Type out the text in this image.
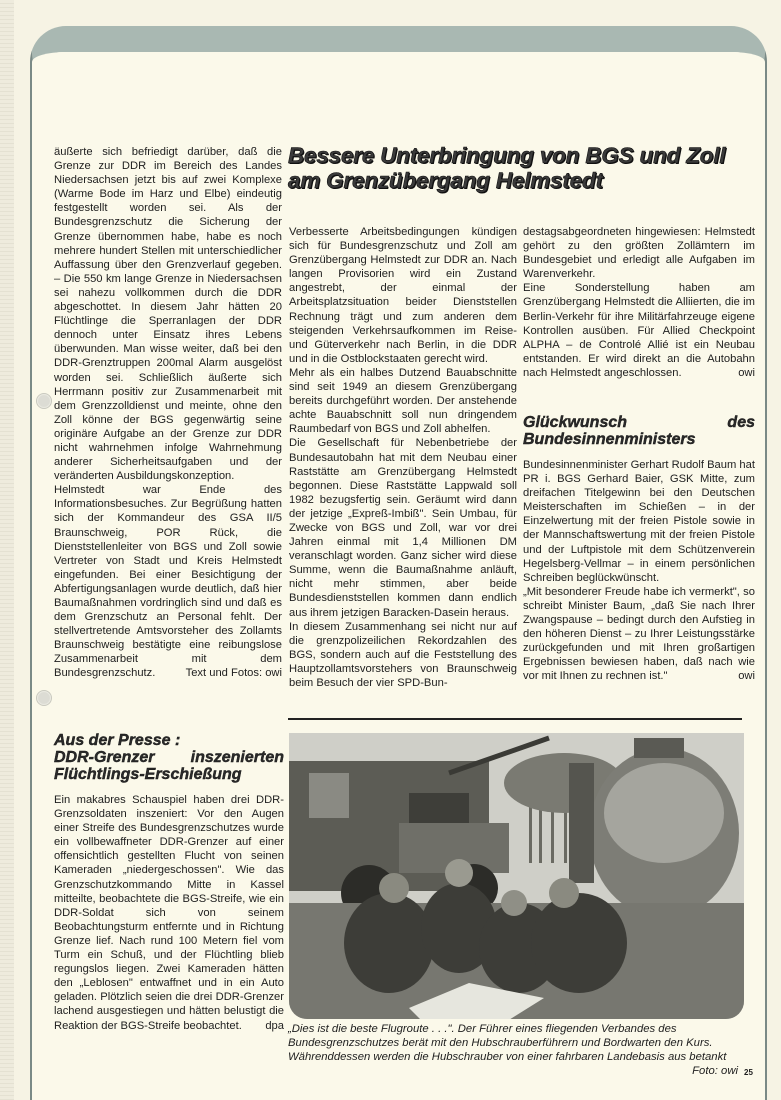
äußerte sich befriedigt darüber, daß die Grenze zur DDR im Bereich des Landes Niedersachsen jetzt bis auf zwei Komplexe (Warme Bode im Harz und Elbe) eindeutig festgestellt worden sei. Als der Bundesgrenzschutz die Sicherung der Grenze übernommen habe, habe es noch mehrere hundert Stellen mit unterschiedlicher Auffassung über den Grenzverlauf gegeben. – Die 550 km lange Grenze in Niedersachsen sei nahezu vollkommen durch die DDR abgeschottet. In diesem Jahr hätten 20 Flüchtlinge die Sperranlagen der DDR dennoch unter Einsatz ihres Lebens überwunden. Man wisse weiter, daß bei den DDR-Grenztruppen 200mal Alarm ausgelöst worden sei. Schließlich äußerte sich Herrmann positiv zur Zusammenarbeit mit dem Grenzzolldienst und meinte, ohne den Zoll könne der BGS gegenwärtig seine originäre Aufgabe an der Grenze zur DDR nicht wahrnehmen infolge Wahrnehmung anderer Sicherheitsaufgaben und der veränderten Ausbildungskonzeption.

Helmstedt war Ende des Informationsbesuches. Zur Begrüßung hatten sich der Kommandeur des GSA II/5 Braunschweig, POR Rück, die Dienststellenleiter von BGS und Zoll sowie Vertreter von Stadt und Kreis Helmstedt eingefunden. Bei einer Besichtigung der Abfertigungsanlagen wurde deutlich, daß hier Baumaßnahmen vordringlich sind und daß es dem Grenzschutz an Personal fehlt. Der stellvertretende Amtsvorsteher des Zollamts Braunschweig bestätigte eine reibungslose Zusammenarbeit mit dem Bundesgrenzschutz.	Text und Fotos: owi

Bessere Unterbringung von BGS und Zoll am Grenzübergang Helmstedt

Verbesserte Arbeitsbedingungen kündigen sich für Bundesgrenzschutz und Zoll am Grenzübergang Helmstedt zur DDR an. Nach langen Provisorien wird ein Zustand angestrebt, der einmal der Arbeitsplatzsituation beider Dienststellen Rechnung trägt und zum anderen dem steigenden Verkehrsaufkommen im Reise- und Güterverkehr nach Berlin, in die DDR und in die Ostblockstaaten gerecht wird.

Mehr als ein halbes Dutzend Bauabschnitte sind seit 1949 an diesem Grenzübergang bereits durchgeführt worden. Der anstehende achte Bauabschnitt soll nun dringendem Raumbedarf von BGS und Zoll abhelfen.

Die Gesellschaft für Nebenbetriebe der Bundesautobahn hat mit dem Neubau einer Raststätte am Grenzübergang Helmstedt begonnen. Diese Raststätte Lappwald soll 1982 bezugsfertig sein. Geräumt wird dann der jetzige „Expreß-Imbiß". Sein Umbau, für Zwecke von BGS und Zoll, war vor drei Jahren einmal mit 1,4 Millionen DM veranschlagt worden. Ganz sicher wird diese Summe, wenn die Baumaßnahme anläuft, nicht mehr stimmen, aber beide Bundesdienststellen kommen dann endlich aus ihrem jetzigen Baracken-Dasein heraus.

In diesem Zusammenhang sei nicht nur auf die grenzpolizeilichen Rekordzahlen des BGS, sondern auch auf die Feststellung des Hauptzollamtsvorstehers von Braunschweig beim Besuch der vier SPD-Bun-

destagsabgeordneten hingewiesen: Helmstedt gehört zu den größten Zollämtern im Bundesgebiet und erledigt alle Aufgaben im Warenverkehr.

Eine Sonderstellung haben am Grenzübergang Helmstedt die Alliierten, die im Berlin-Verkehr für ihre Militärfahrzeuge eigene Kontrollen ausüben. Für Allied Checkpoint ALPHA – de Controlé Allié ist ein Neubau entstanden. Er wird direkt an die Autobahn nach Helmstedt angeschlossen.	owi

Glückwunsch des Bundesinnenministers

Bundesinnenminister Gerhart Rudolf Baum hat PR i. BGS Gerhard Baier, GSK Mitte, zum dreifachen Titelgewinn bei den Deutschen Meisterschaften im Schießen – in der Einzelwertung mit der freien Pistole sowie in der Mannschaftswertung mit der freien Pistole und der Luftpistole mit dem Schützenverein Hegelsberg-Vellmar – in einem persönlichen Schreiben beglückwünscht.

„Mit besonderer Freude habe ich vermerkt", so schreibt Minister Baum, „daß Sie nach Ihrer Zwangspause – bedingt durch den Aufstieg in den höheren Dienst – zu Ihrer Leistungsstärke zurückgefunden und mit Ihren großartigen Ergebnissen bewiesen haben, daß nach wie vor mit Ihnen zu rechnen ist."	owi

Aus der Presse :
DDR-Grenzer inszenierten Flüchtlings-Erschießung

Ein makabres Schauspiel haben drei DDR-Grenzsoldaten inszeniert: Vor den Augen einer Streife des Bundesgrenzschutzes wurde ein vollbewaffneter DDR-Grenzer auf einer offensichtlich gestellten Flucht von seinen Kameraden „niedergeschossen". Wie das Grenzschutzkommando Mitte in Kassel mitteilte, beobachtete die BGS-Streife, wie ein DDR-Soldat sich von seinem Beobachtungsturm entfernte und in Richtung Grenze lief. Nach rund 100 Metern fiel vom Turm ein Schuß, und der Flüchtling blieb regungslos liegen. Zwei Kameraden hätten den „Leblosen" entwaffnet und in ein Auto geladen. Plötzlich seien die drei DDR-Grenzer lachend ausgestiegen und hätten belustigt die Reaktion der BGS-Streife beobachtet. dpa „Dies ist die beste Flugroute . . .". Der Führer eines fliegenden Verbandes des Bundesgrenzschutzes berät mit den Hubschrauberführern und Bordwarten den Kurs. Währenddessen werden die Hubschrauber von einer fahrbaren Landebasis aus betankt
Foto: owi 25
